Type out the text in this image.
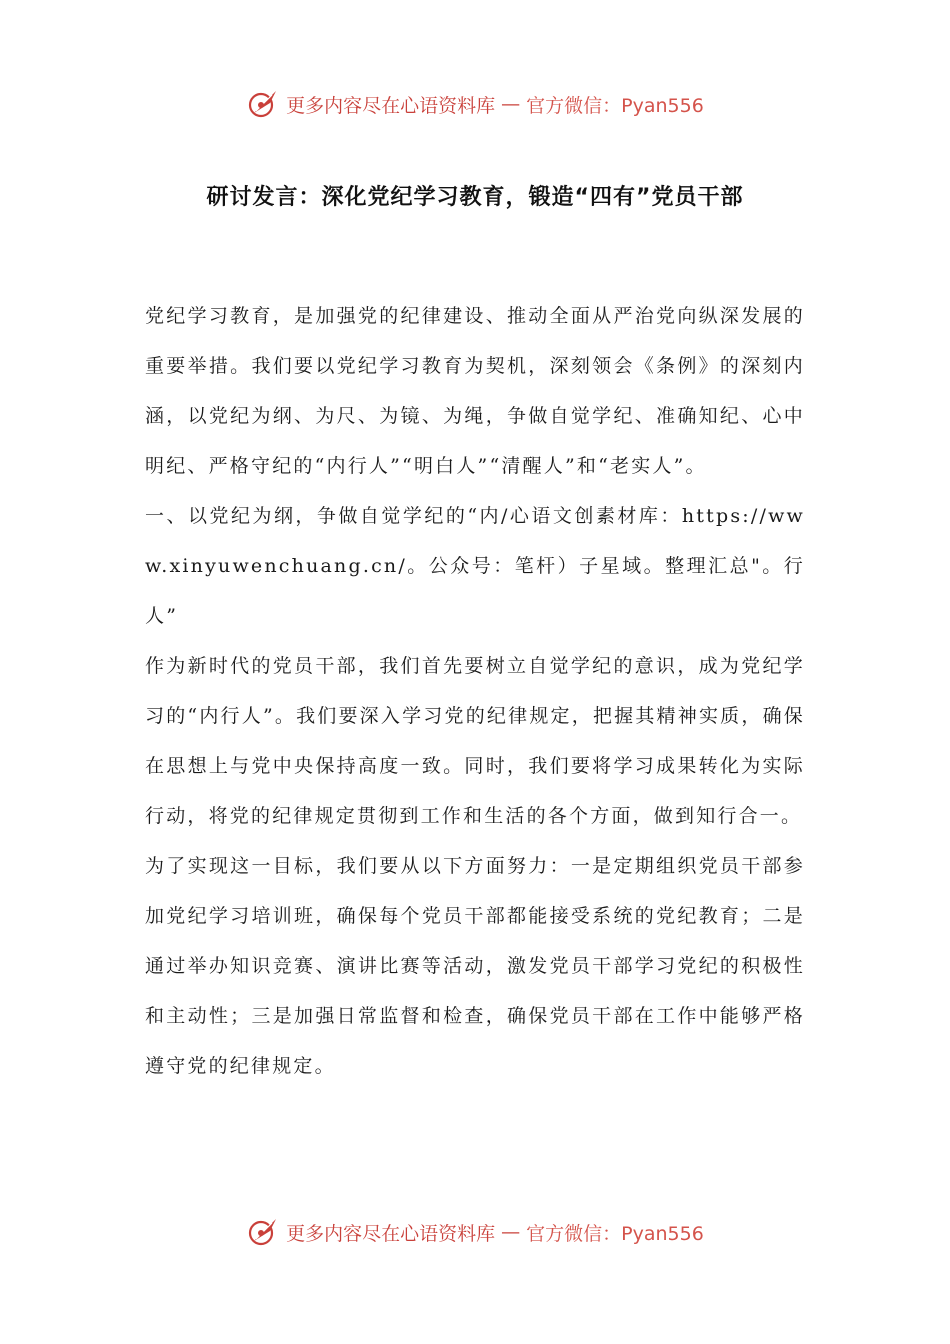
更多内容尽在心语资料库 — 官方微信：Pyan556
研讨发言：深化党纪学习教育，锻造“四有”党员干部

党纪学习教育，是加强党的纪律建设、推动全面从严治党向纵深发展的重要举措。我们要以党纪学习教育为契机，深刻领会《条例》的深刻内涵，以党纪为纲、为尺、为镜、为绳，争做自觉学纪、准确知纪、心中明纪、严格守纪的“内行人”“明白人”“清醒人”和“老实人”。

一、以党纪为纲，争做自觉学纪的“内/心语文创素材库：https://www.xinyuwenchuang.cn/。公众号：笔杆）子星域。整理汇总"。行人”

作为新时代的党员干部，我们首先要树立自觉学纪的意识，成为党纪学习的“内行人”。我们要深入学习党的纪律规定，把握其精神实质，确保在思想上与党中央保持高度一致。同时，我们要将学习成果转化为实际行动，将党的纪律规定贯彻到工作和生活的各个方面，做到知行合一。

为了实现这一目标，我们要从以下方面努力：一是定期组织党员干部参加党纪学习培训班，确保每个党员干部都能接受系统的党纪教育；二是通过举办知识竞赛、演讲比赛等活动，激发党员干部学习党纪的积极性和主动性；三是加强日常监督和检查，确保党员干部在工作中能够严格遵守党的纪律规定。

更多内容尽在心语资料库 — 官方微信：Pyan556
